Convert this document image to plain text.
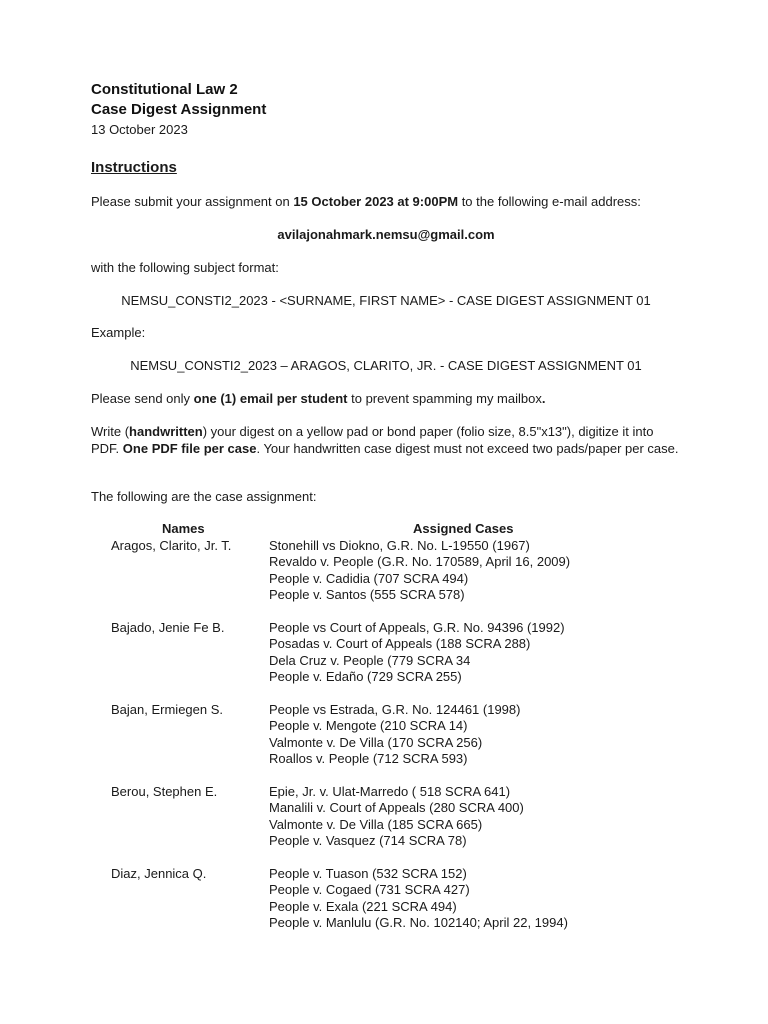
Constitutional Law 2
Case Digest Assignment
13 October 2023
Instructions
Please submit your assignment on 15 October 2023 at 9:00PM to the following e-mail address:
avilajonahmark.nemsu@gmail.com
with the following subject format:
NEMSU_CONSTI2_2023 - <SURNAME, FIRST NAME> - CASE DIGEST ASSIGNMENT 01
Example:
NEMSU_CONSTI2_2023 – ARAGOS, CLARITO, JR. - CASE DIGEST ASSIGNMENT 01
Please send only one (1) email per student to prevent spamming my mailbox.
Write (handwritten) your digest on a yellow pad or bond paper (folio size, 8.5"x13"), digitize it into PDF. One PDF file per case. Your handwritten case digest must not exceed two pads/paper per case.
The following are the case assignment:
Names	Assigned Cases
Aragos, Clarito, Jr. T.	Stonehill vs Diokno, G.R. No. L-19550 (1967)
Revaldo v. People (G.R. No. 170589, April 16, 2009)
People v. Cadidia (707 SCRA 494)
People v. Santos (555 SCRA 578)
Bajado, Jenie Fe B.	People vs Court of Appeals, G.R. No. 94396 (1992)
Posadas v. Court of Appeals (188 SCRA 288)
Dela Cruz v. People (779 SCRA 34
People v. Edaño (729 SCRA 255)
Bajan, Ermiegen S.	People vs Estrada, G.R. No. 124461 (1998)
People v. Mengote (210 SCRA 14)
Valmonte v. De Villa (170 SCRA 256)
Roallos v. People (712 SCRA 593)
Berou, Stephen E.	Epie, Jr. v. Ulat-Marredo ( 518 SCRA 641)
Manalili v. Court of Appeals (280 SCRA 400)
Valmonte v. De Villa (185 SCRA 665)
People v. Vasquez (714 SCRA 78)
Diaz, Jennica Q.	People v. Tuason (532 SCRA 152)
People v. Cogaed (731 SCRA 427)
People v. Exala (221 SCRA 494)
People v. Manlulu (G.R. No. 102140; April 22, 1994)
